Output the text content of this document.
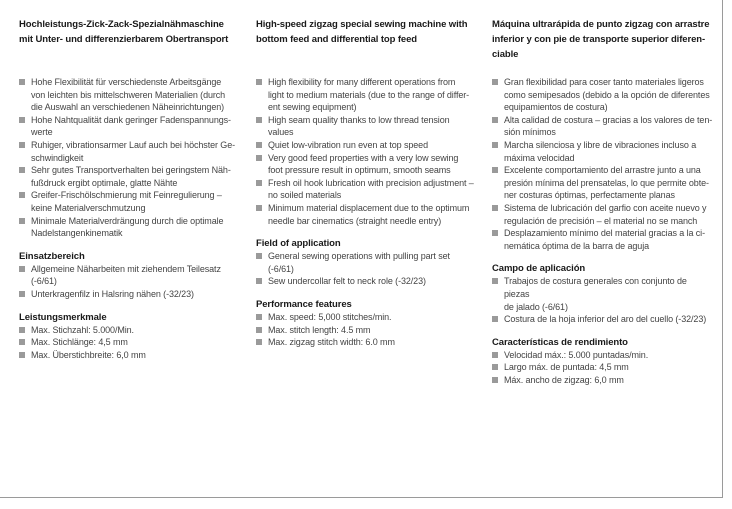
Hochleistungs-Zick-Zack-Spezialnähmaschine
mit Unter- und differenzierbarem Obertransport
Hohe Flexibilität für verschiedenste Arbeitsgänge
von leichten bis mittelschweren Materialien (durch
die Auswahl an verschiedenen Näheinrichtungen)
Hohe Nahtqualität dank geringer Fadenspannungs-
werte
Ruhiger, vibrationsarmer Lauf auch bei höchster Ge-
schwindigkeit
Sehr gutes Transportverhalten bei geringstem Näh-
fußdruck ergibt optimale, glatte Nähte
Greifer-Frischölschmierung mit Feinregulierung –
keine Materialverschmutzung
Minimale Materialverdrängung durch die optimale
Nadelstangenkinematik
Einsatzbereich
Allgemeine Näharbeiten mit ziehendem Teilesatz
(-6/61)
Unterkragenfilz in Halsring nähen (-32/23)
Leistungsmerkmale
Max. Stichzahl: 5.000/Min.
Max. Stichlänge: 4,5 mm
Max. Überstichbreite: 6,0 mm
High-speed zigzag special sewing machine with
bottom feed and differential top feed
High flexibility for many different operations from
light to medium materials (due to the range of differ-
ent sewing equipment)
High seam quality thanks to low thread tension
values
Quiet low-vibration run even at top speed
Very good feed properties with a very low sewing
foot pressure result in optimum, smooth seams
Fresh oil hook lubrication with precision adjustment –
no soiled materials
Minimum material displacement due to the optimum
needle bar cinematics (straight needle entry)
Field of application
General sewing operations with pulling part set
(-6/61)
Sew undercollar felt to neck role (-32/23)
Performance features
Max. speed: 5,000 stitches/min.
Max. stitch length: 4.5 mm
Max. zigzag stitch width: 6.0 mm
Máquina ultrarápida de punto zigzag con arrastre
inferior y con pie de transporte superior diferen-
ciable
Gran flexibilidad para coser tanto materiales ligeros
como semipesados (debido a la opción de diferentes
equipamientos de costura)
Alta calidad de costura – gracias a los valores de ten-
sión mínimos
Marcha silenciosa y libre de vibraciones incluso a
máxima velocidad
Excelente comportamiento del arrastre junto a una
presión mínima del prensatelas, lo que permite obte-
ner costuras óptimas, perfectamente planas
Sistema de lubricación del garfio con aceite nuevo y
regulación de precisión – el material no se manch
Desplazamiento mínimo del material gracias a la ci-
nemática óptima de la barra de aguja
Campo de aplicación
Trabajos de costura generales con conjunto de piezas
de jalado (-6/61)
Costura de la hoja inferior del aro del cuello (-32/23)
Características de rendimiento
Velocidad máx.: 5.000 puntadas/min.
Largo máx. de puntada: 4,5 mm
Máx. ancho de zigzag: 6,0 mm
